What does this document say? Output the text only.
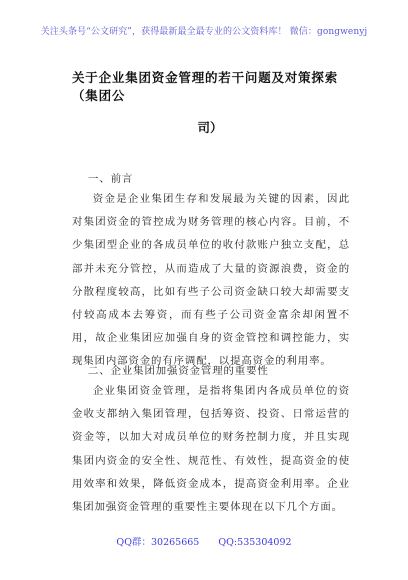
关注头条号“公文研究”，获得最新最全最专业的公文资料库！ 微信：gongwenyj
关于企业集团资金管理的若干问题及对策探索（集团公
司）
一、前言
资金是企业集团生存和发展最为关键的因素，因此对集团资金的管控成为财务管理的核心内容。目前，不少集团型企业的各成员单位的收付款账户独立支配，总部并未充分管控，从而造成了大量的资源浪费，资金的分散程度较高，比如有些子公司资金缺口较大却需要支付较高成本去筹资，而有些子公司资金富余却闲置不用，故企业集团应加强自身的资金管控和调控能力，实现集团内部资金的有序调配，以提高资金的利用率。
二、企业集团加强资金管理的重要性
企业集团资金管理，是指将集团内各成员单位的资金收支都纳入集团管理，包括筹资、投资、日常运营的资金等，以加大对成员单位的财务控制力度，并且实现集团内资金的安全性、规范性、有效性，提高资金的使用效率和效果，降低资金成本，提高资金利用率。企业集团加强资金管理的重要性主要体现在以下几个方面。
QQ群：30265665 QQ:535304092
